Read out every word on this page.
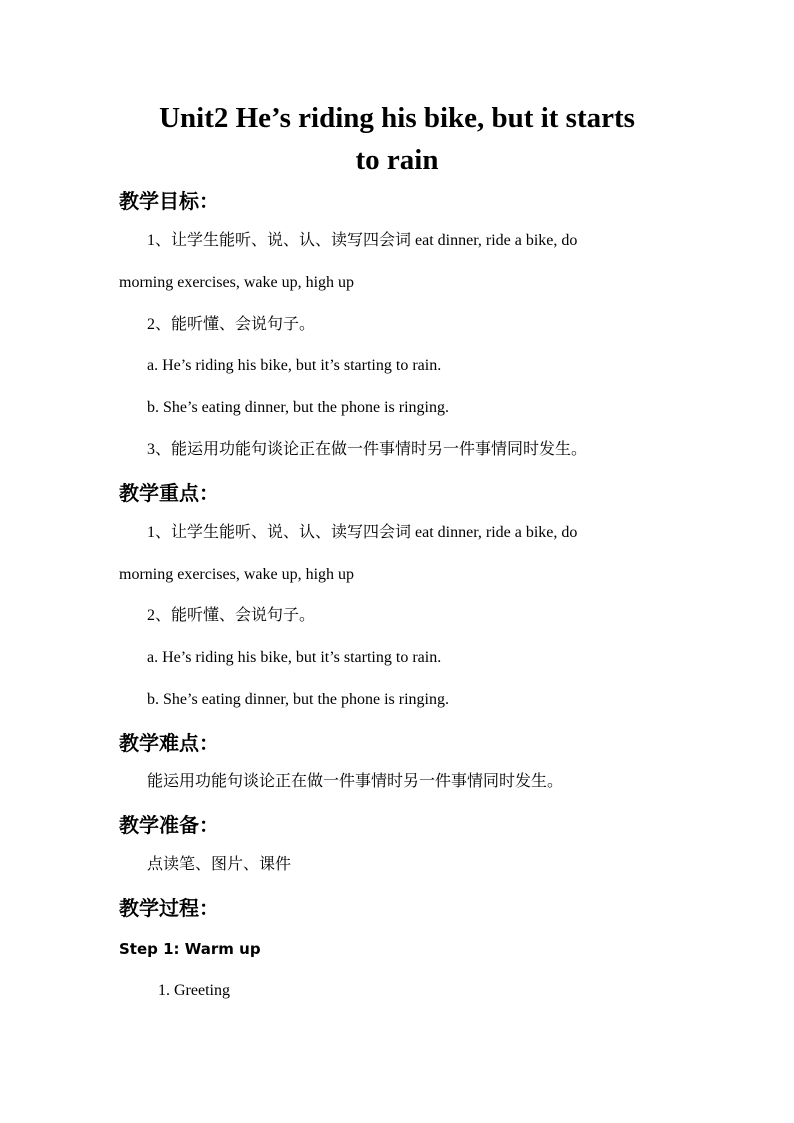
Unit2 He’s riding his bike, but it starts
to rain
教学目标：
1、让学生能听、说、认、读写四会词 eat dinner, ride a bike, do
morning exercises, wake up, high up
2、能听懂、会说句子。
a. He’s riding his bike, but it’s starting to rain.
b. She’s eating dinner, but the phone is ringing.
3、能运用功能句谈论正在做一件事情时另一件事情同时发生。
教学重点：
1、让学生能听、说、认、读写四会词 eat dinner, ride a bike, do
morning exercises, wake up, high up
2、能听懂、会说句子。
a. He’s riding his bike, but it’s starting to rain.
b. She’s eating dinner, but the phone is ringing.
教学难点：
能运用功能句谈论正在做一件事情时另一件事情同时发生。
教学准备：
点读笔、图片、课件
教学过程：
Step 1: Warm up
1. Greeting
